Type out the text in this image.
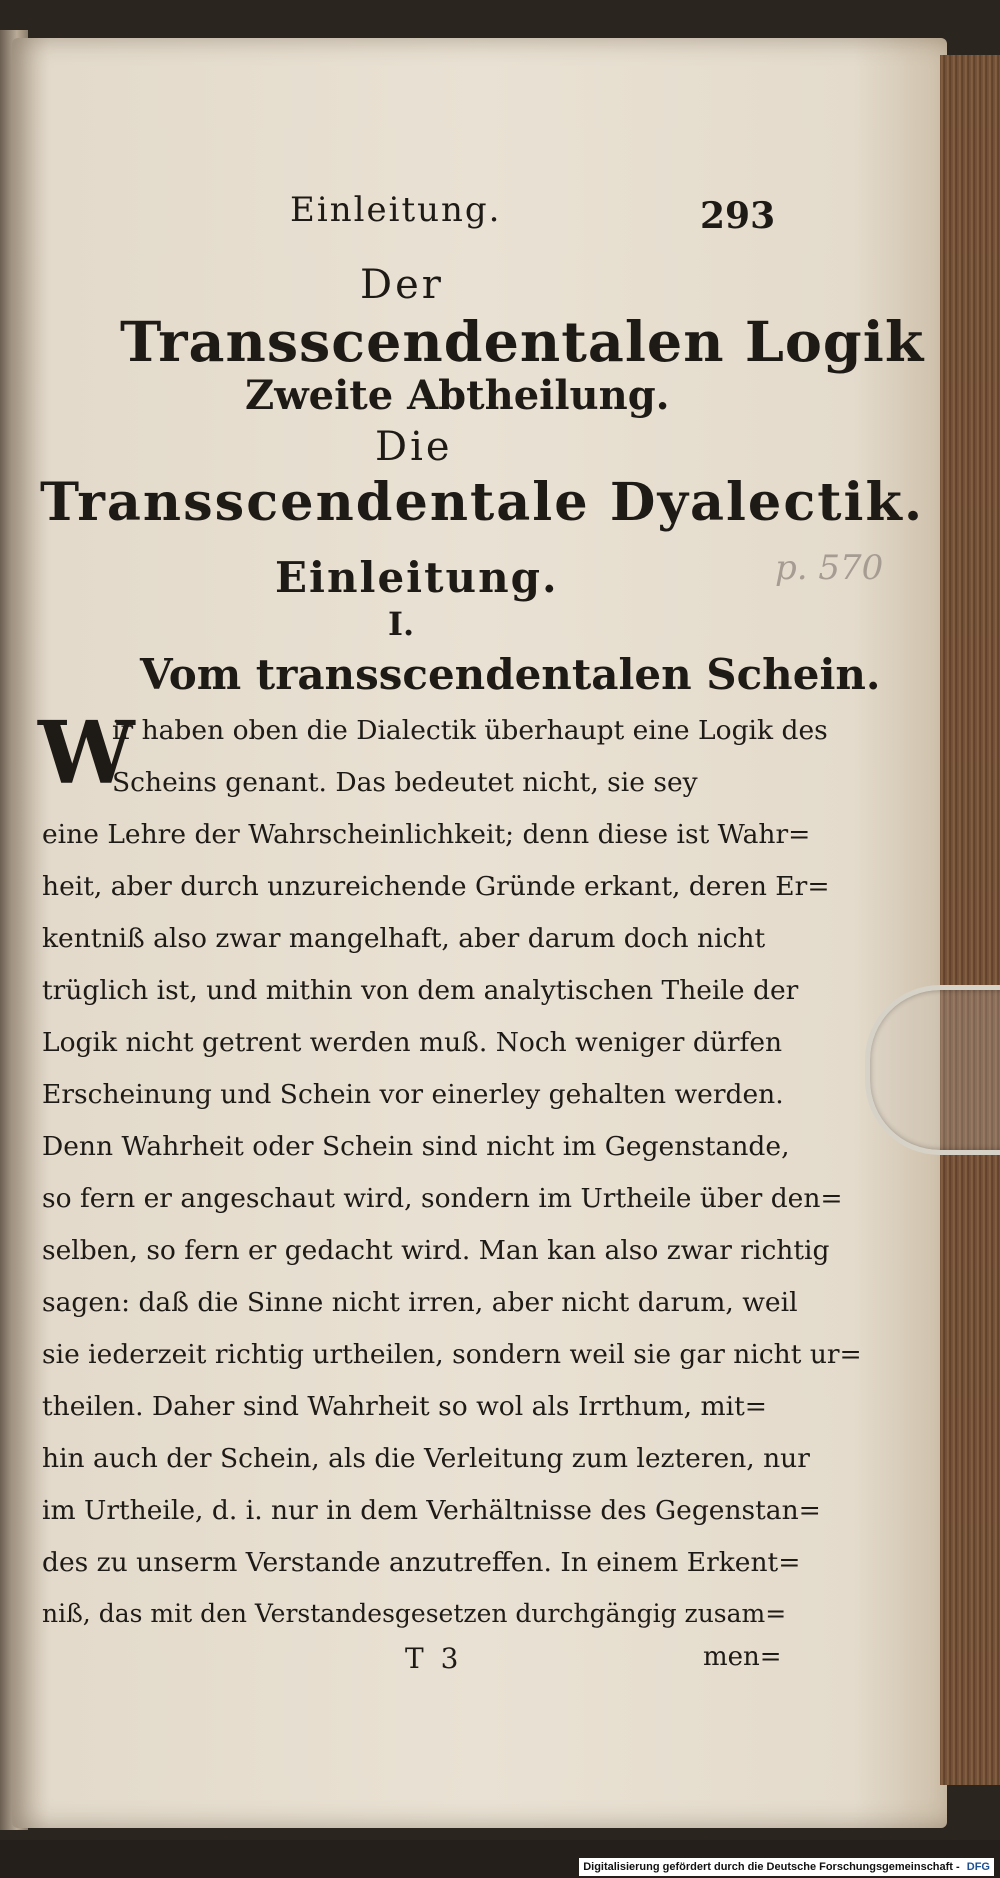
Einleitung.	293
Der
Transscendentalen Logik
Zweite Abtheilung.
Die
Transscendentale Dyalectik.
Einleitung.
I.
Vom transscendentalen Schein.
W
ir haben oben die Dialectik überhaupt eine Logik des
Scheins genant. Das bedeutet nicht, sie sey
eine Lehre der Wahrscheinlichkeit; denn diese ist Wahr=
heit, aber durch unzureichende Gründe erkant, deren Er=
kentniß also zwar mangelhaft, aber darum doch nicht
trüglich ist, und mithin von dem analytischen Theile der
Logik nicht getrent werden muß. Noch weniger dürfen
Erscheinung und Schein vor einerley gehalten werden.
Denn Wahrheit oder Schein sind nicht im Gegenstande,
so fern er angeschaut wird, sondern im Urtheile über den=
selben, so fern er gedacht wird. Man kan also zwar richtig
sagen: daß die Sinne nicht irren, aber nicht darum, weil
sie iederzeit richtig urtheilen, sondern weil sie gar nicht ur=
theilen. Daher sind Wahrheit so wol als Irrthum, mit=
hin auch der Schein, als die Verleitung zum lezteren, nur
im Urtheile, d. i. nur in dem Verhältnisse des Gegenstan=
des zu unserm Verstande anzutreffen. In einem Erkent=
niß, das mit den Verstandesgesetzen durchgängig zusam=
T 3	men=
p. 570
Digitalisierung gefördert durch die Deutsche Forschungsgemeinschaft - DFG
